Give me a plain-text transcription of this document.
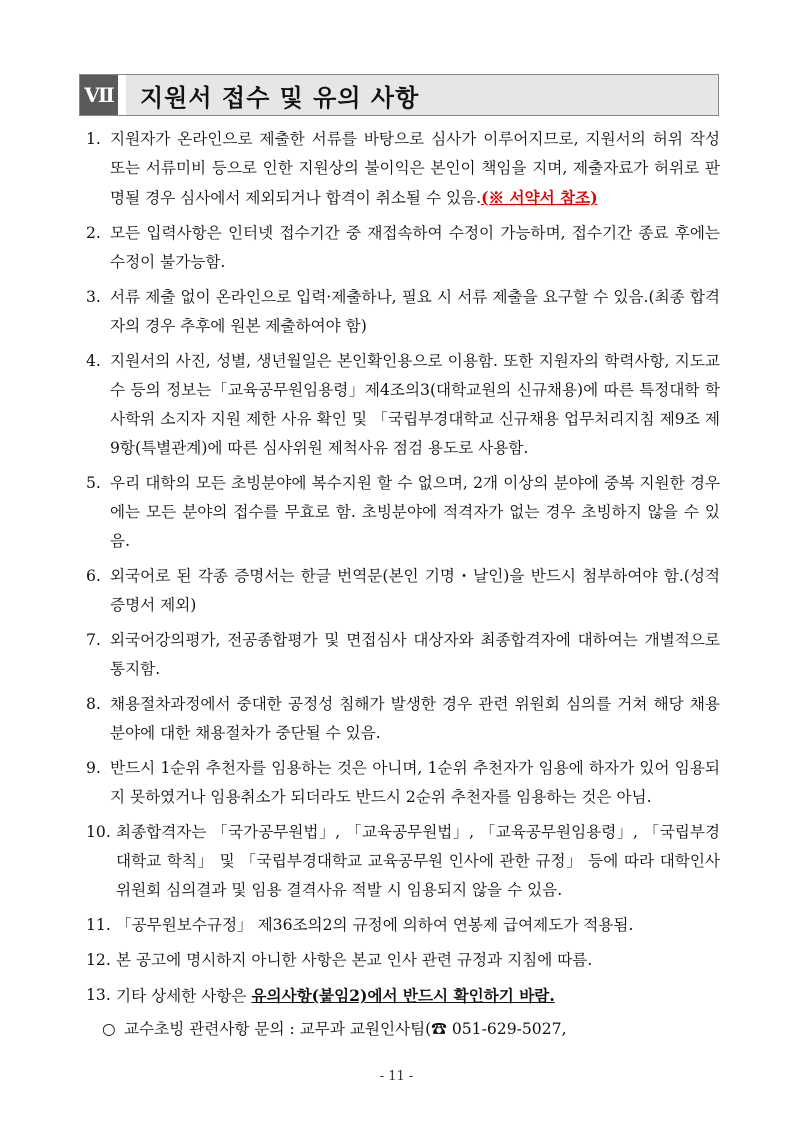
Ⅶ	지원서 접수 및 유의 사항
1. 지원자가 온라인으로 제출한 서류를 바탕으로 심사가 이루어지므로, 지원서의 허위 작성 또는 서류미비 등으로 인한 지원상의 불이익은 본인이 책임을 지며, 제출자료가 허위로 판명될 경우 심사에서 제외되거나 합격이 취소될 수 있음.(※ 서약서 참조)
2. 모든 입력사항은 인터넷 접수기간 중 재접속하여 수정이 가능하며, 접수기간 종료 후에는 수정이 불가능함.
3. 서류 제출 없이 온라인으로 입력·제출하나, 필요 시 서류 제출을 요구할 수 있음.(최종 합격자의 경우 추후에 원본 제출하여야 함)
4. 지원서의 사진, 성별, 생년월일은 본인확인용으로 이용함. 또한 지원자의 학력사항, 지도교수 등의 정보는「교육공무원임용령」제4조의3(대학교원의 신규채용)에 따른 특정대학 학사학위 소지자 지원 제한 사유 확인 및 「국립부경대학교 신규채용 업무처리지침 제9조 제9항(특별관계)에 따른 심사위원 제척사유 점검 용도로 사용함.
5. 우리 대학의 모든 초빙분야에 복수지원 할 수 없으며, 2개 이상의 분야에 중복 지원한 경우에는 모든 분야의 접수를 무효로 함. 초빙분야에 적격자가 없는 경우 초빙하지 않을 수 있음.
6. 외국어로 된 각종 증명서는 한글 번역문(본인 기명・날인)을 반드시 첨부하여야 함.(성적증명서 제외)
7. 외국어강의평가, 전공종합평가 및 면접심사 대상자와 최종합격자에 대하여는 개별적으로 통지함.
8. 채용절차과정에서 중대한 공정성 침해가 발생한 경우 관련 위원회 심의를 거쳐 해당 채용분야에 대한 채용절차가 중단될 수 있음.
9. 반드시 1순위 추천자를 임용하는 것은 아니며, 1순위 추천자가 임용에 하자가 있어 임용되지 못하였거나 임용취소가 되더라도 반드시 2순위 추천자를 임용하는 것은 아님.
10. 최종합격자는 「국가공무원법」, 「교육공무원법」, 「교육공무원임용령」, 「국립부경대학교 학칙」 및 「국립부경대학교 교육공무원 인사에 관한 규정」 등에 따라 대학인사위원회 심의결과 및 임용 결격사유 적발 시 임용되지 않을 수 있음.
11. 「공무원보수규정」 제36조의2의 규정에 의하여 연봉제 급여제도가 적용됨.
12. 본 공고에 명시하지 아니한 사항은 본교 인사 관련 규정과 지침에 따름.
13. 기타 상세한 사항은 유의사항(붙임2)에서 반드시 확인하기 바람.
○ 교수초빙 관련사항 문의 : 교무과 교원인사팀(☎ 051-629-5027,
- 11 -
